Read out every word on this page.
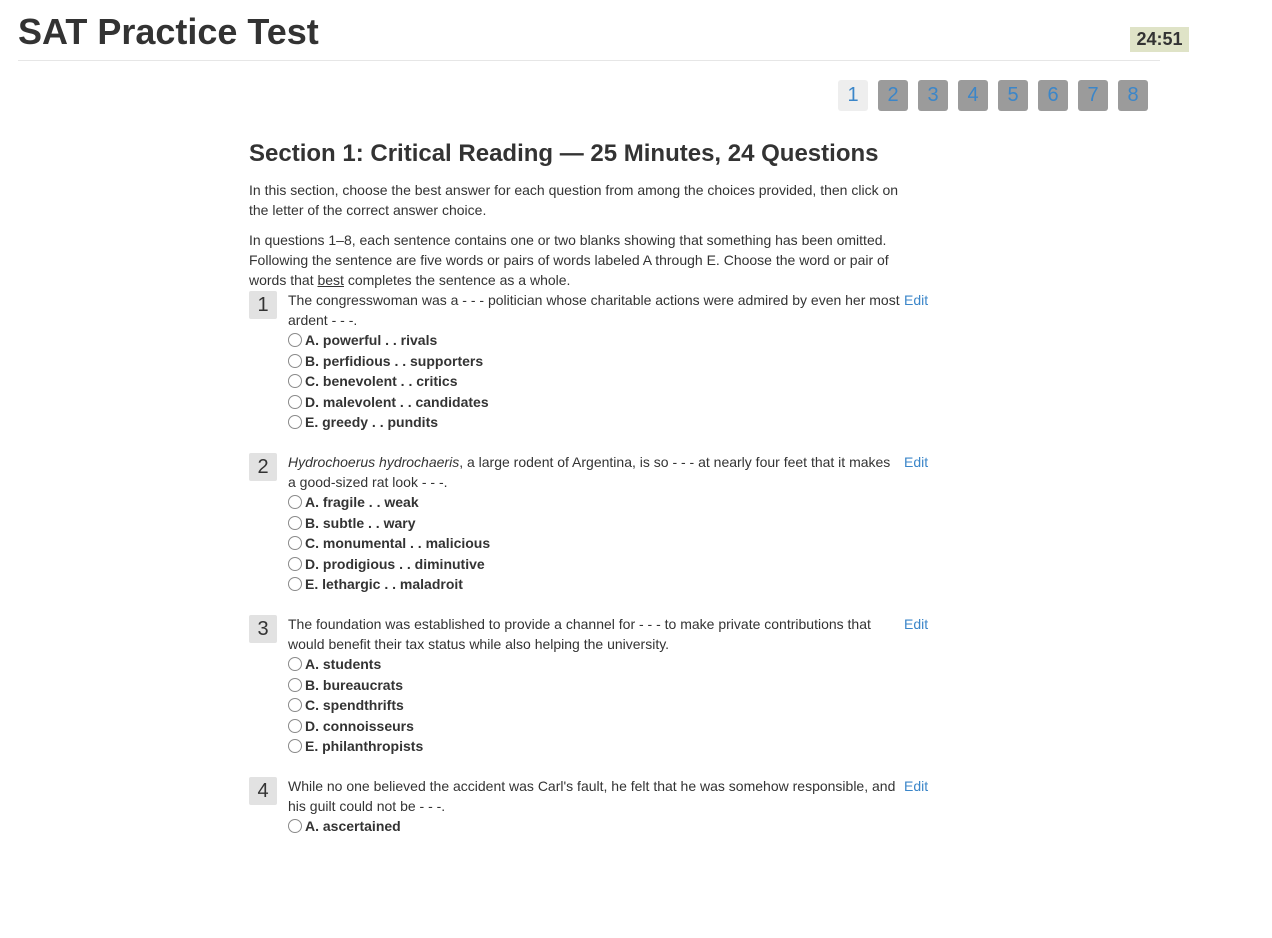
SAT Practice Test	24:51
1	2	3	4	5	6	7	8
Section 1: Critical Reading — 25 Minutes, 24 Questions

In this section, choose the best answer for each question from among the choices provided, then click on the letter of the correct answer choice.

In questions 1–8, each sentence contains one or two blanks showing that something has been omitted. Following the sentence are five words or pairs of words labeled A through E. Choose the word or pair of words that best completes the sentence as a whole.

1	The congresswoman was a - - - politician whose charitable actions were admired by even her most ardent - - -.
Edit
A. powerful . . rivals
B. perfidious . . supporters
C. benevolent . . critics
D. malevolent . . candidates
E. greedy . . pundits
2	Hydrochoerus hydrochaeris, a large rodent of Argentina, is so - - - at nearly four feet that it makes a good-sized rat look - - -.
Edit
A. fragile . . weak
B. subtle . . wary
C. monumental . . malicious
D. prodigious . . diminutive
E. lethargic . . maladroit
3	The foundation was established to provide a channel for - - - to make private contributions that would benefit their tax status while also helping the university.
Edit
A. students
B. bureaucrats
C. spendthrifts
D. connoisseurs
E. philanthropists
4	While no one believed the accident was Carl's fault, he felt that he was somehow responsible, and his guilt could not be - - -.
Edit
A. ascertained
